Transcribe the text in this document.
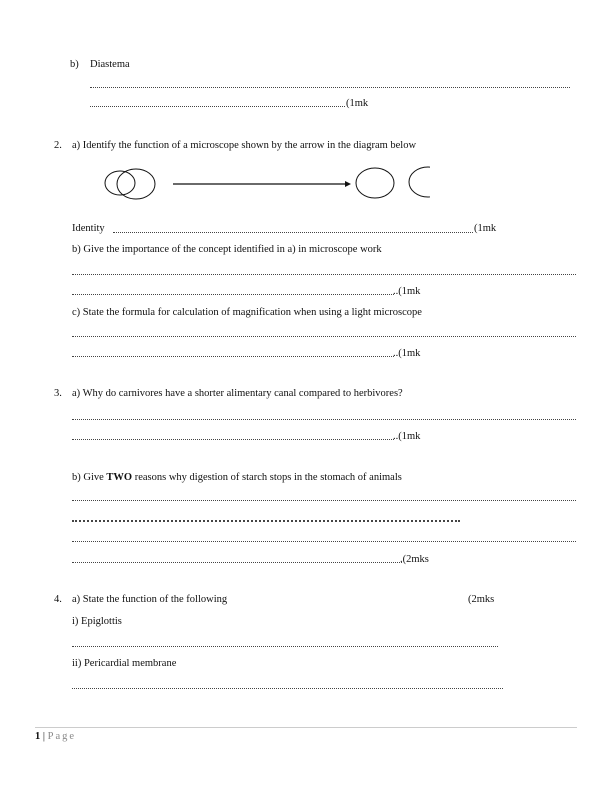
b) Diastema
(1mk
2. a) Identify the function of a microscope shown by the arrow in the diagram below
Identity	(1mk
b) Give the importance of the concept identified in a) in microscope work
..(1mk
c) State the formula for calculation of magnification when using a light microscope
..(1mk
3. a) Why do carnivores have a shorter alimentary canal compared to herbivores?
..(1mk
b) Give TWO reasons why digestion of starch stops in the stomach of animals
.(2mks
4. a) State the function of the following	(2mks
i) Epiglottis
ii) Pericardial membrane
1 | Page
